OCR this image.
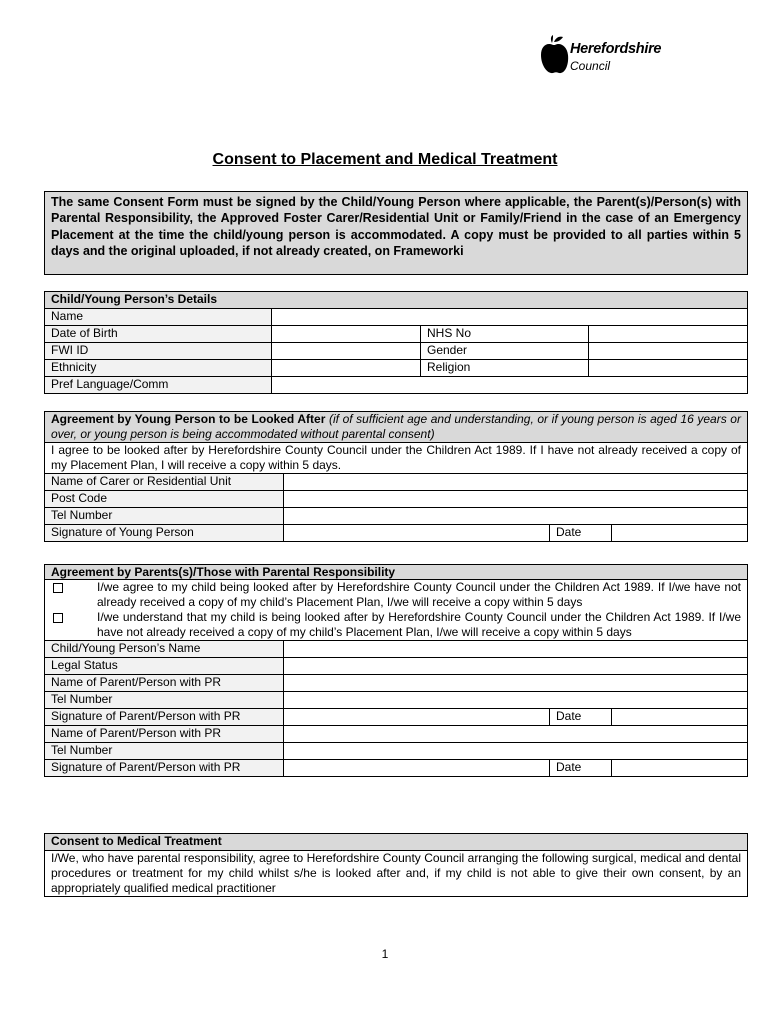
Herefordshire
Council
Consent to Placement and Medical Treatment
The same Consent Form must be signed by the Child/Young Person where applicable, the Parent(s)/Person(s) with Parental Responsibility, the Approved Foster Carer/Residential Unit or Family/Friend in the case of an Emergency Placement at the time the child/young person is accommodated. A copy must be provided to all parties within 5 days and the original uploaded, if not already created, on Frameworki
Child/Young Person’s Details			
Name			
Date of Birth		NHS No	
FWI ID		Gender	
Ethnicity		Religion	
Pref Language/Comm			
Agreement by Young Person to be Looked After (if of sufficient age and understanding, or if young person is aged 16 years or over, or young person is being accommodated without parental consent)			
I agree to be looked after by Herefordshire County Council under the Children Act 1989. If I have not already received a copy of my Placement Plan, I will receive a copy within 5 days.			
Name of Carer or Residential Unit			
Post Code			
Tel Number			
Signature of Young Person		Date	
Agreement by Parents(s)/Those with Parental Responsibility			

I/we agree to my child being looked after by Herefordshire County Council under the Children Act 1989. If I/we have not already received a copy of my child’s Placement Plan, I/we will receive a copy within 5 days			

I/we understand that my child is being looked after by Herefordshire County Council under the Children Act 1989. If I/we have not already received a copy of my child’s Placement Plan, I/we will receive a copy within 5 days			
Child/Young Person’s Name			
Legal Status			
Name of Parent/Person with PR			
Tel Number			
Signature of Parent/Person with PR		Date	
Name of Parent/Person with PR			
Tel Number			
Signature of Parent/Person with PR		Date	
Consent to Medical Treatment
I/We, who have parental responsibility, agree to Herefordshire County Council arranging the following surgical, medical and dental procedures or treatment for my child whilst s/he is looked after and, if my child is not able to give their own consent, by an appropriately qualified medical practitioner
1
